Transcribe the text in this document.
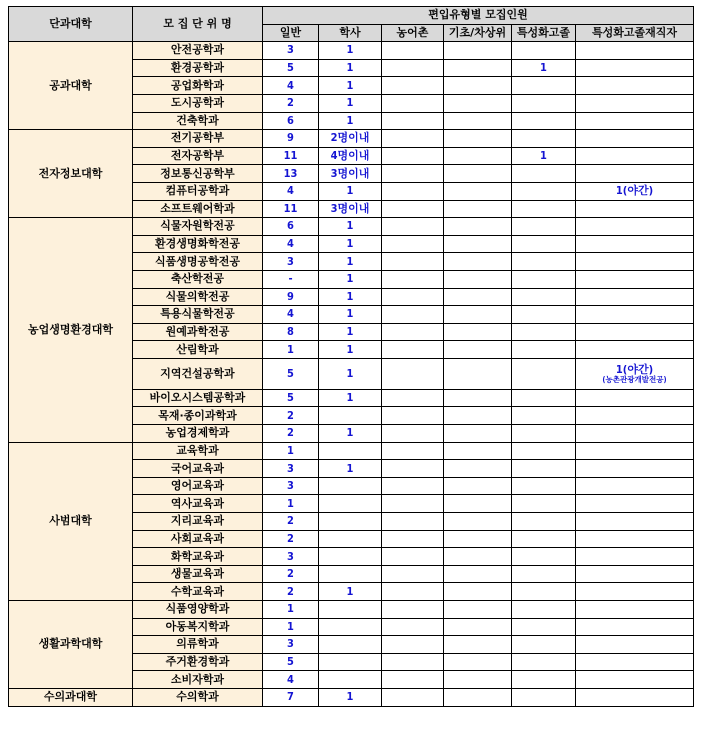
단과대학	모 집 단 위 명	편입유형별 모집인원					
		일반	학사	농어촌	기초/차상위	특성화고졸	특성화고졸재직자
공과대학	안전공학과	3	1				
	환경공학과	5	1			1	
	공업화학과	4	1				
	도시공학과	2	1				
	건축학과	6	1				
전자정보대학	전기공학부	9	2명이내				
	전자공학부	11	4명이내			1	
	정보통신공학부	13	3명이내				
	컴퓨터공학과	4	1				1(야간)
	소프트웨어학과	11	3명이내				
농업생명환경대학	식물자원학전공	6	1				
	환경생명화학전공	4	1				
	식품생명공학전공	3	1				
	축산학전공	-	1				
	식물의학전공	9	1				
	특용식물학전공	4	1				
	원예과학전공	8	1				
	산림학과	1	1				
	지역건설공학과	5	1				1(야간)
(농촌관광개발전공)

	바이오시스템공학과	5	1				
	목재·종이과학과	2					
	농업경제학과	2	1				
사범대학	교육학과	1					
	국어교육과	3	1				
	영어교육과	3					
	역사교육과	1					
	지리교육과	2					
	사회교육과	2					
	화학교육과	3					
	생물교육과	2					
	수학교육과	2	1				
생활과학대학	식품영양학과	1					
	아동복지학과	1					
	의류학과	3					
	주거환경학과	5					
	소비자학과	4					
수의과대학	수의학과	7	1				
